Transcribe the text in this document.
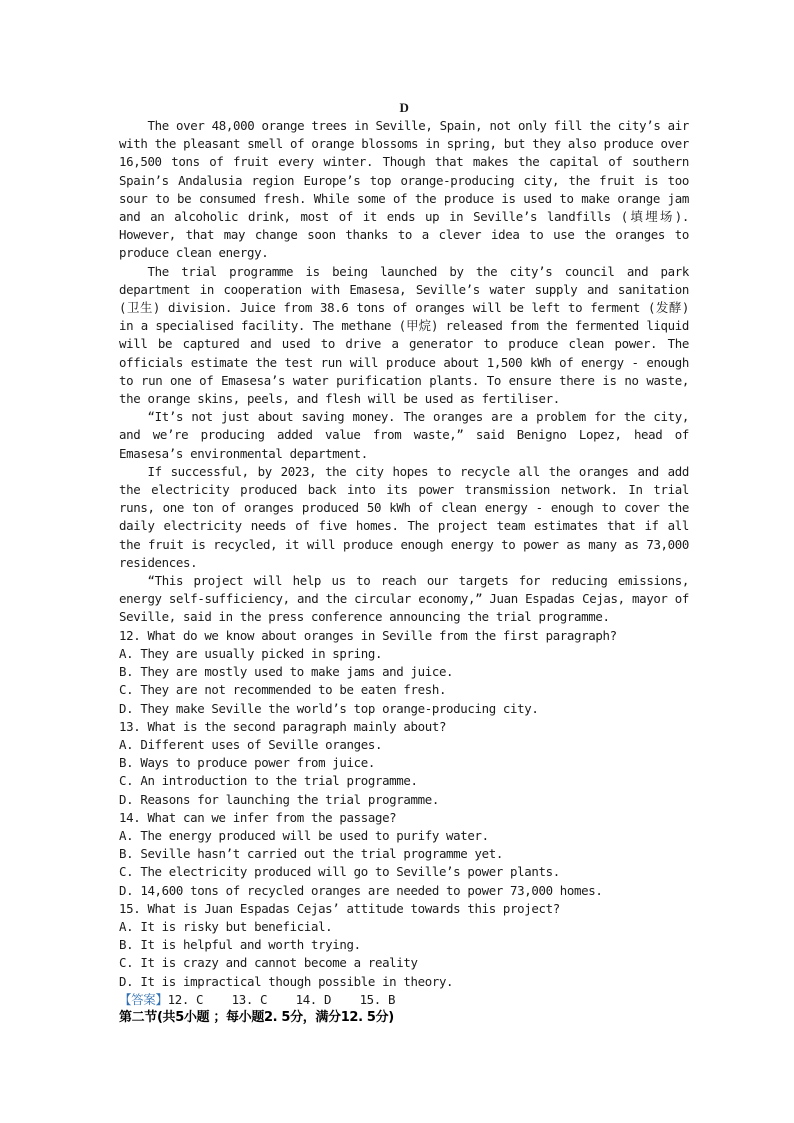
D

The over 48,000 orange trees in Seville, Spain, not only fill the city’s air with the pleasant smell of orange blossoms in spring, but they also produce over 16,500 tons of fruit every winter. Though that makes the capital of southern Spain’s Andalusia region Europe’s top orange-producing city, the fruit is too sour to be consumed fresh. While some of the produce is used to make orange jam and an alcoholic drink, most of it ends up in Seville’s landfills (填埋场). However, that may change soon thanks to a clever idea to use the oranges to produce clean energy.

The trial programme is being launched by the city’s council and park department in cooperation with Emasesa, Seville’s water supply and sanitation (卫生) division. Juice from 38.6 tons of oranges will be left to ferment (发酵) in a specialised facility. The methane (甲烷) released from the fermented liquid will be captured and used to drive a generator to produce clean power. The officials estimate the test run will produce about 1,500 kWh of energy - enough to run one of Emasesa’s water purification plants. To ensure there is no waste, the orange skins, peels, and flesh will be used as fertiliser.

“It’s not just about saving money. The oranges are a problem for the city, and we’re producing added value from waste,” said Benigno Lopez, head of Emasesa’s environmental department.

If successful, by 2023, the city hopes to recycle all the oranges and add the electricity produced back into its power transmission network. In trial runs, one ton of oranges produced 50 kWh of clean energy - enough to cover the daily electricity needs of five homes. The project team estimates that if all the fruit is recycled, it will produce enough energy to power as many as 73,000 residences.

“This project will help us to reach our targets for reducing emissions, energy self-sufficiency, and the circular economy,” Juan Espadas Cejas, mayor of Seville, said in the press conference announcing the trial programme.

12. What do we know about oranges in Seville from the first paragraph?
A. They are usually picked in spring.
B. They are mostly used to make jams and juice.
C. They are not recommended to be eaten fresh.
D. They make Seville the world’s top orange-producing city.
13. What is the second paragraph mainly about?
A. Different uses of Seville oranges.
B. Ways to produce power from juice.
C. An introduction to the trial programme.
D. Reasons for launching the trial programme.
14. What can we infer from the passage?
A. The energy produced will be used to purify water.
B. Seville hasn’t carried out the trial programme yet.
C. The electricity produced will go to Seville’s power plants.
D. 14,600 tons of recycled oranges are needed to power 73,000 homes.
15. What is Juan Espadas Cejas’ attitude towards this project?
A. It is risky but beneficial.
B. It is helpful and worth trying.
C. It is crazy and cannot become a reality
D. It is impractical though possible in theory.
【答案】12. C    13. C    14. D    15. B
第二节(共5小题 ；每小题2. 5分，满分12. 5分)
